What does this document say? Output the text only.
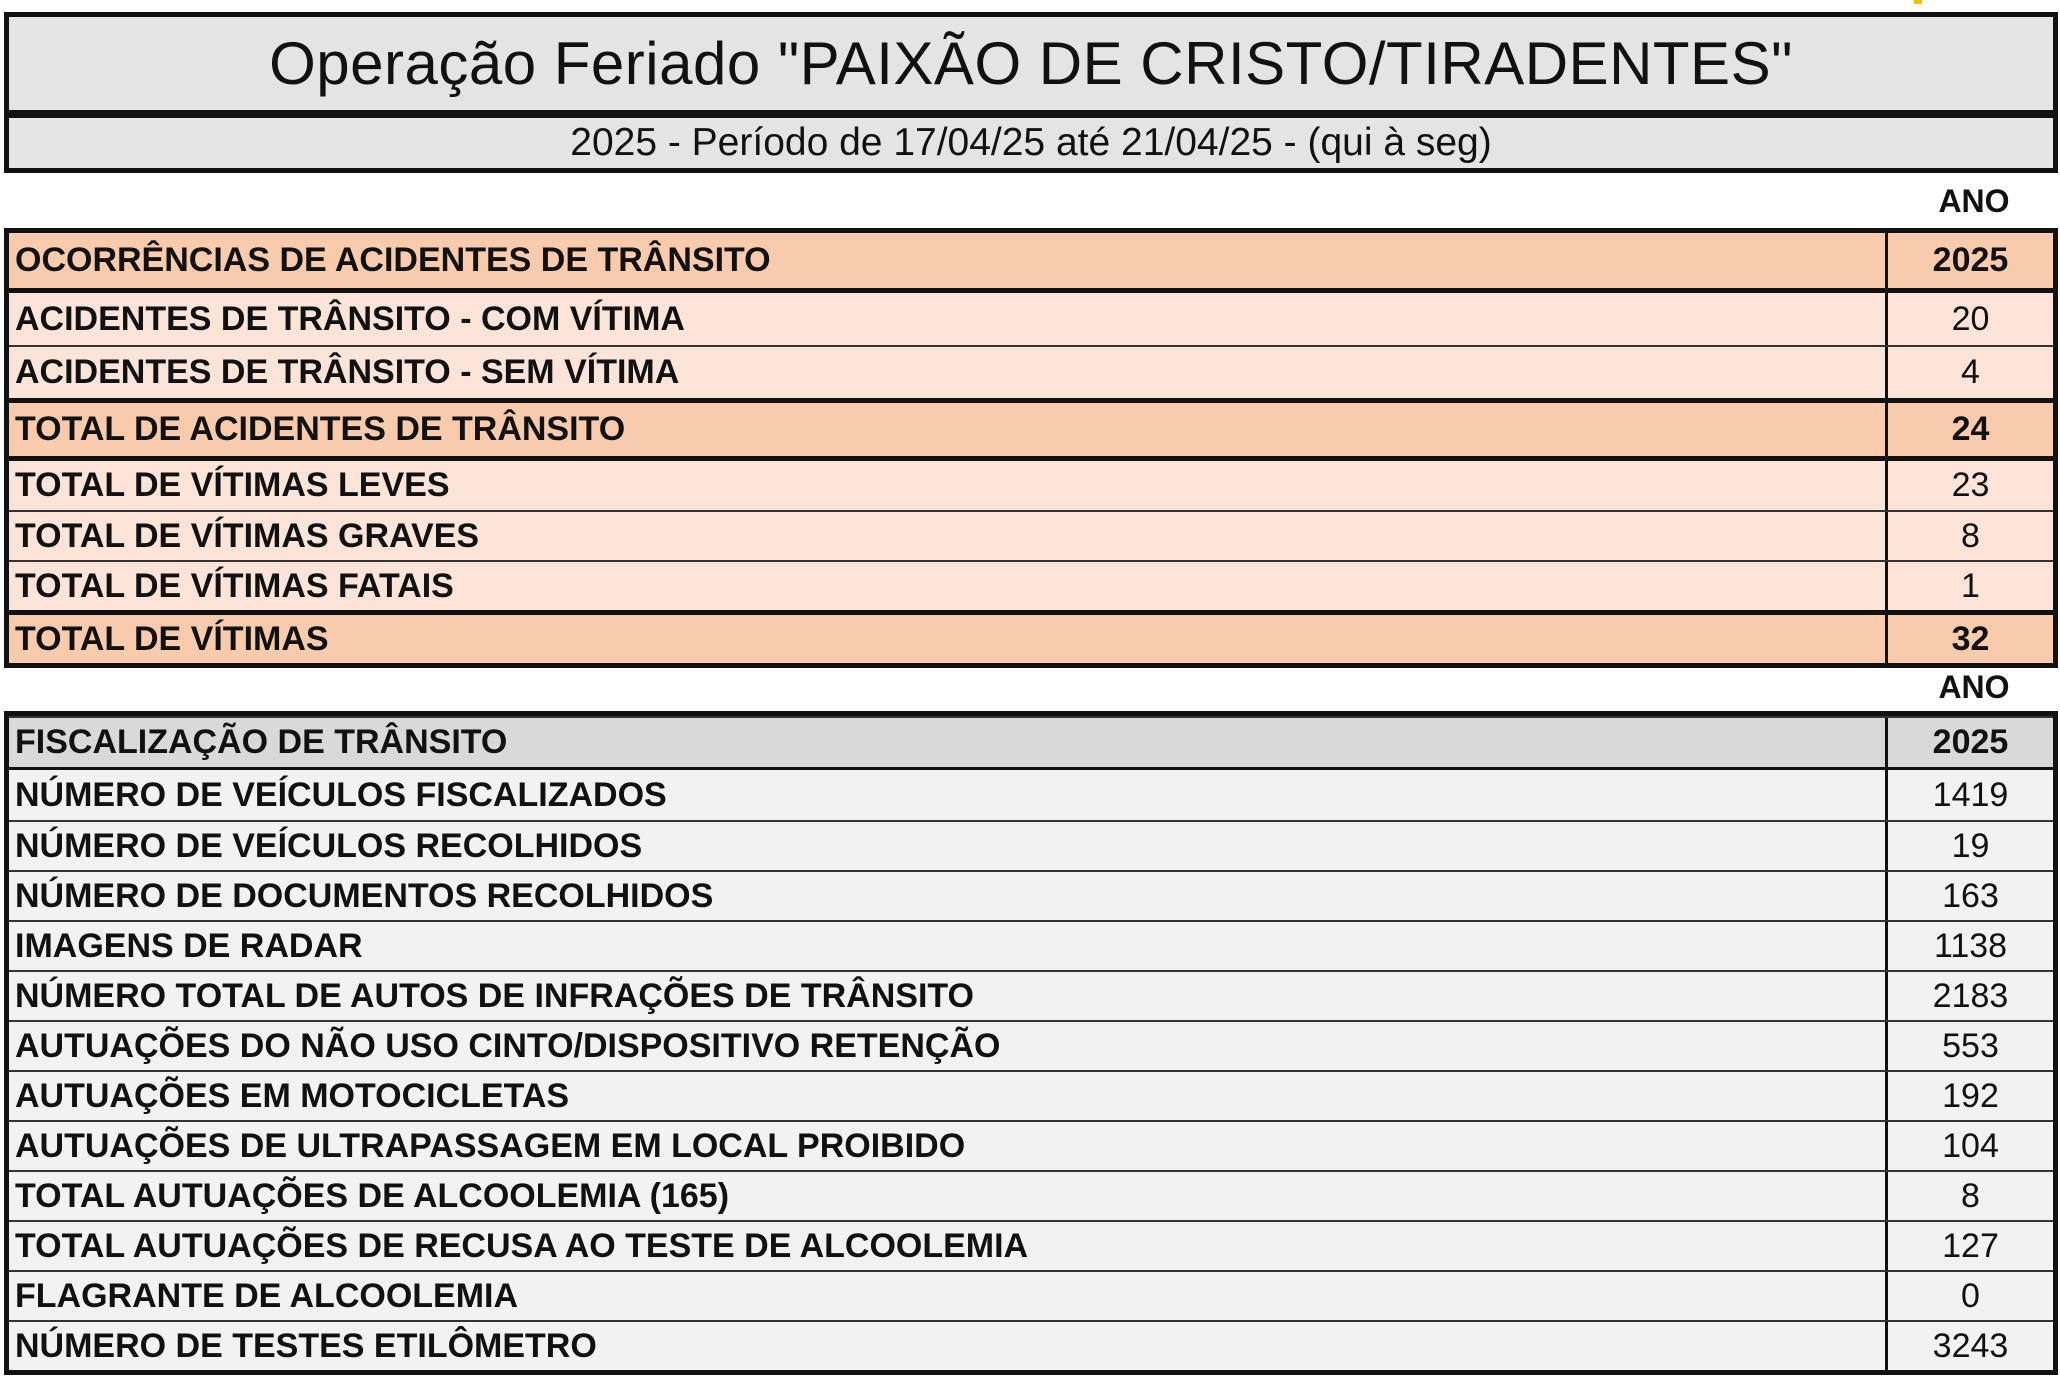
Operação Feriado "PAIXÃO DE CRISTO/TIRADENTES"
2025 - Período de 17/04/25 até 21/04/25 - (qui à seg)
ANO
OCORRÊNCIAS DE ACIDENTES DE TRÂNSITO	2025
ACIDENTES DE TRÂNSITO - COM VÍTIMA	20
ACIDENTES DE TRÂNSITO - SEM VÍTIMA	4
TOTAL DE ACIDENTES DE TRÂNSITO	24
TOTAL DE VÍTIMAS LEVES	23
TOTAL DE VÍTIMAS GRAVES	8
TOTAL DE VÍTIMAS FATAIS	1
TOTAL DE VÍTIMAS	32
ANO
FISCALIZAÇÃO DE TRÂNSITO	2025
NÚMERO DE VEÍCULOS FISCALIZADOS	1419
NÚMERO DE VEÍCULOS RECOLHIDOS	19
NÚMERO DE DOCUMENTOS RECOLHIDOS	163
IMAGENS DE RADAR	1138
NÚMERO TOTAL DE AUTOS DE INFRAÇÕES DE TRÂNSITO	2183
AUTUAÇÕES DO NÃO USO CINTO/DISPOSITIVO RETENÇÃO	553
AUTUAÇÕES EM MOTOCICLETAS	192
AUTUAÇÕES DE ULTRAPASSAGEM EM LOCAL PROIBIDO	104
TOTAL AUTUAÇÕES DE ALCOOLEMIA (165)	8
TOTAL AUTUAÇÕES DE RECUSA AO TESTE DE ALCOOLEMIA	127
FLAGRANTE DE ALCOOLEMIA	0
NÚMERO DE TESTES ETILÔMETRO	3243
